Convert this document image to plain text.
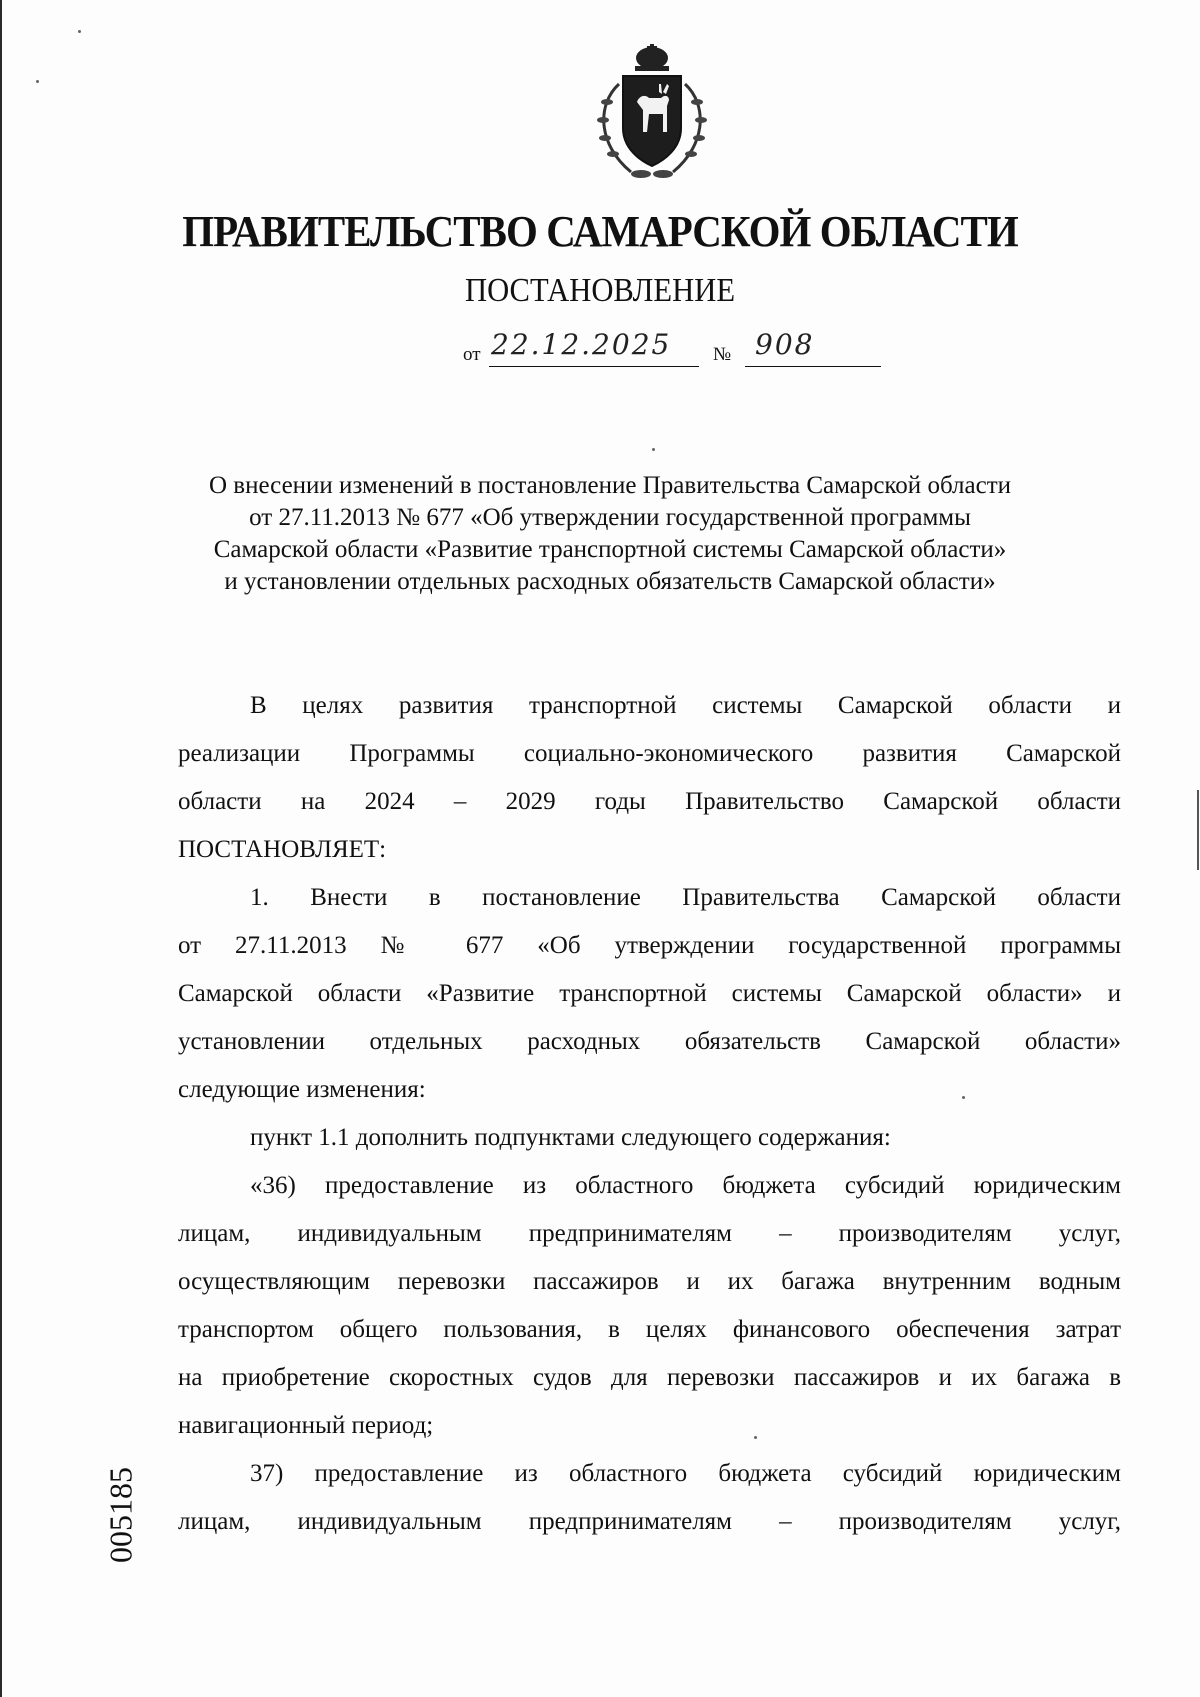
ПРАВИТЕЛЬСТВО САМАРСКОЙ ОБЛАСТИ
ПОСТАНОВЛЕНИЕ
от 22.12.2025 № 908
О внесении изменений в постановление Правительства Самарской области
от 27.11.2013 № 677 «Об утверждении государственной программы
Самарской области «Развитие транспортной системы Самарской области»
и установлении отдельных расходных обязательств Самарской области»
В целях развития транспортной системы Самарской области и
реализации Программы социально-экономического развития Самарской
области на 2024 – 2029 годы Правительство Самарской области
ПОСТАНОВЛЯЕТ:
1. Внести в постановление Правительства Самарской области
от 27.11.2013 № 677 «Об утверждении государственной программы
Самарской области «Развитие транспортной системы Самарской области» и
установлении отдельных расходных обязательств Самарской области»
следующие изменения:
пункт 1.1 дополнить подпунктами следующего содержания:
«36) предоставление из областного бюджета субсидий юридическим
лицам, индивидуальным предпринимателям – производителям услуг,
осуществляющим перевозки пассажиров и их багажа внутренним водным
транспортом общего пользования, в целях финансового обеспечения затрат
на приобретение скоростных судов для перевозки пассажиров и их багажа в
навигационный период;
37) предоставление из областного бюджета субсидий юридическим
лицам, индивидуальным предпринимателям – производителям услуг,
005185
